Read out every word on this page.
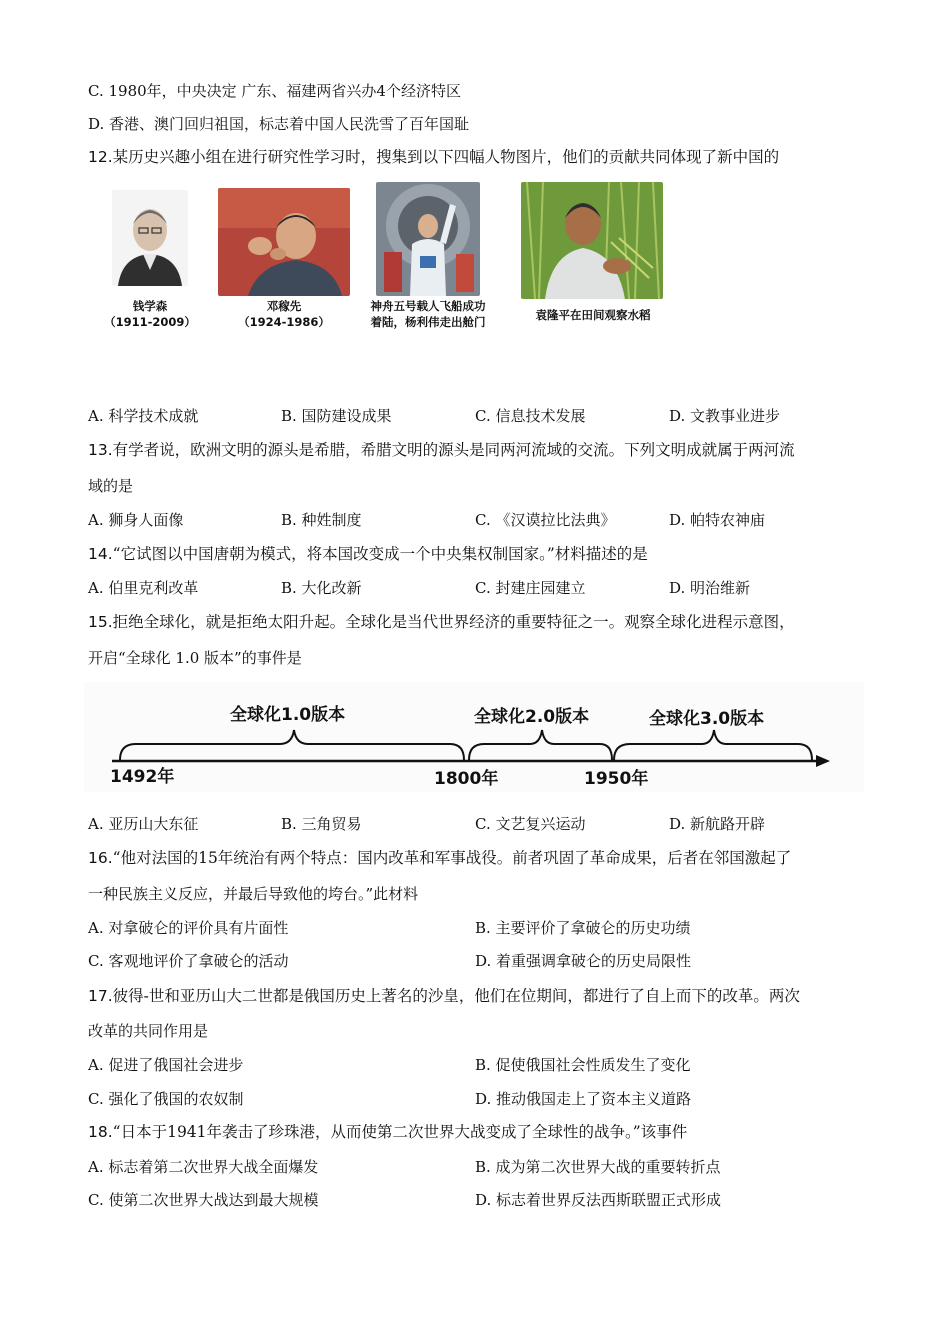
C. 1980年，中央决定 广东、福建两省兴办4个经济特区
D. 香港、澳门回归祖国，标志着中国人民洗雪了百年国耻
12.某历史兴趣小组在进行研究性学习时，搜集到以下四幅人物图片，他们的贡献共同体现了新中国的
钱学森
（1911-2009）
邓稼先
（1924-1986）
神舟五号载人飞船成功
着陆，杨利伟走出舱门	袁隆平在田间观察水稻
A. 科学技术成就	B. 国防建设成果	C. 信息技术发展	D. 文教事业进步
13.有学者说，欧洲文明的源头是希腊，希腊文明的源头是同两河流域的交流。下列文明成就属于两河流
域的是
A. 狮身人面像	B. 种姓制度	C. 《汉谟拉比法典》	D. 帕特农神庙
14.“它试图以中国唐朝为模式，将本国改变成一个中央集权制国家。”材料描述的是
A. 伯里克利改革	B. 大化改新	C. 封建庄园建立	D. 明治维新
15.拒绝全球化，就是拒绝太阳升起。全球化是当代世界经济的重要特征之一。观察全球化进程示意图，
开启“全球化 1.0 版本”的事件是
全球化1.0版本	全球化2.0版本	全球化3.0版本
1492年	1800年	1950年
A. 亚历山大东征	B. 三角贸易	C. 文艺复兴运动	D. 新航路开辟
16.“他对法国的15年统治有两个特点：国内改革和军事战役。前者巩固了革命成果，后者在邻国激起了
一种民族主义反应，并最后导致他的垮台。”此材料
A. 对拿破仑的评价具有片面性	B. 主要评价了拿破仑的历史功绩
C. 客观地评价了拿破仑的活动	D. 着重强调拿破仑的历史局限性
17.彼得-世和亚历山大二世都是俄国历史上著名的沙皇，他们在位期间，都进行了自上而下的改革。两次
改革的共同作用是
A. 促进了俄国社会进步	B. 促使俄国社会性质发生了变化
C. 强化了俄国的农奴制	D. 推动俄国走上了资本主义道路
18.“日本于1941年袭击了珍珠港，从而使第二次世界大战变成了全球性的战争。”该事件
A. 标志着第二次世界大战全面爆发	B. 成为第二次世界大战的重要转折点
C. 使第二次世界大战达到最大规模	D. 标志着世界反法西斯联盟正式形成
